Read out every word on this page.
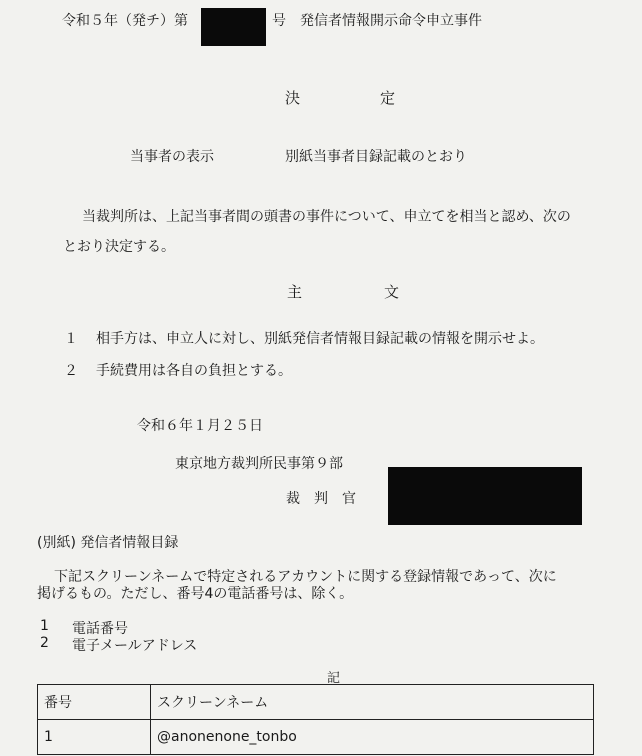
令和５年（発チ）第	号 発信者情報開示命令申立事件
決	定
当事者の表示	別紙当事者目録記載のとおり
当裁判所は、上記当事者間の頭書の事件について、申立てを相当と認め、次の
とおり決定する。
主	文
１ 相手方は、申立人に対し、別紙発信者情報目録記載の情報を開示せよ。
２ 手続費用は各自の負担とする。
令和６年１月２５日
東京地方裁判所民事第９部
裁　判　官
(別紙) 発信者情報目録
下記スクリーンネームで特定されるアカウントに関する登録情報であって、次に
掲げるもの。ただし、番号4の電話番号は、除く。
1 電話番号
2 電子メールアドレス
記
番号	スクリーンネーム
1	@anonenone_tonbo
